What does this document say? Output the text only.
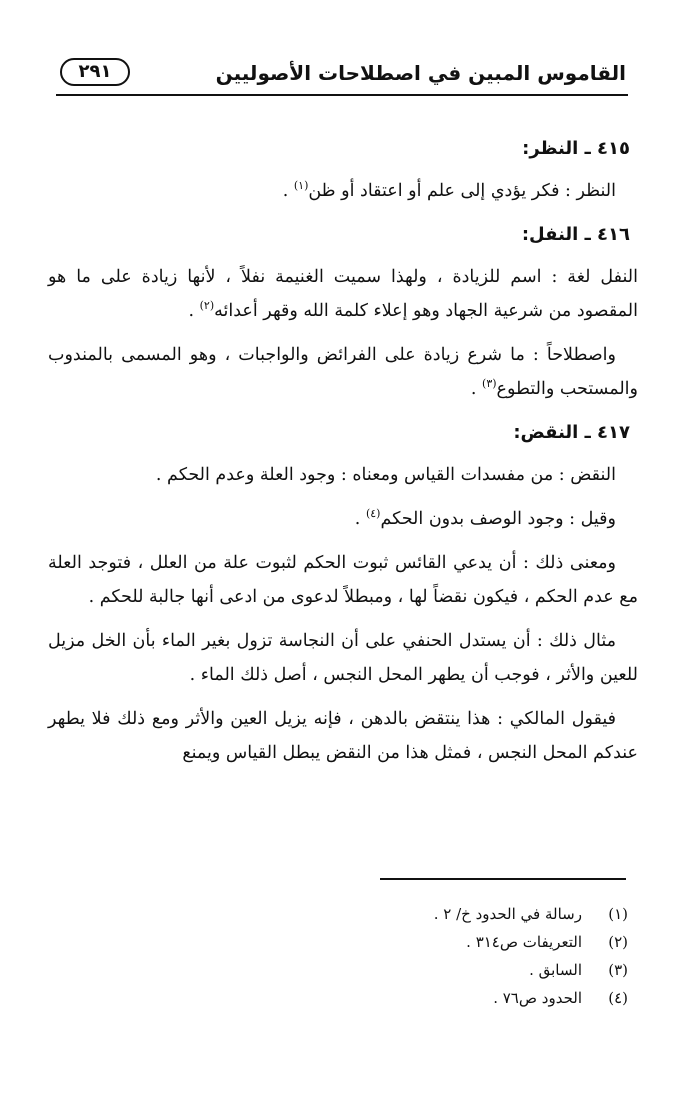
القاموس المبين في اصطلاحات الأصوليين
٢٩١
٤١٥ ـ النظر:

النظر : فكر يؤدي إلى علم أو اعتقاد أو ظن$^{(١)}$ .

٤١٦ ـ النفل:

النفل لغة : اسم للزيادة ، ولهذا سميت الغنيمة نفلاً ، لأنها زيادة على ما هو المقصود من شرعية الجهاد وهو إعلاء كلمة الله وقهر أعدائه$^{(٢)}$ .

واصطلاحاً : ما شرع زيادة على الفرائض والواجبات ، وهو المسمى بالمندوب والمستحب والتطوع$^{(٣)}$ .

٤١٧ ـ النقض:

النقض : من مفسدات القياس ومعناه : وجود العلة وعدم الحكم .

وقيل : وجود الوصف بدون الحكم$^{(٤)}$ .

ومعنى ذلك : أن يدعي القائس ثبوت الحكم لثبوت علة من العلل ، فتوجد العلة مع عدم الحكم ، فيكون نقضاً لها ، ومبطلاً لدعوى من ادعى أنها جالبة للحكم .

مثال ذلك : أن يستدل الحنفي على أن النجاسة تزول بغير الماء بأن الخل مزيل للعين والأثر ، فوجب أن يطهر المحل النجس ، أصل ذلك الماء .

فيقول المالكي : هذا ينتقض بالدهن ، فإنه يزيل العين والأثر ومع ذلك فلا يطهر عندكم المحل النجس ، فمثل هذا من النقض يبطل القياس ويمنع

(١)
رسالة في الحدود خ/ ٢ .
(٢)
التعريفات ص٣١٤ .
(٣)
السابق .
(٤)
الحدود ص٧٦ .
